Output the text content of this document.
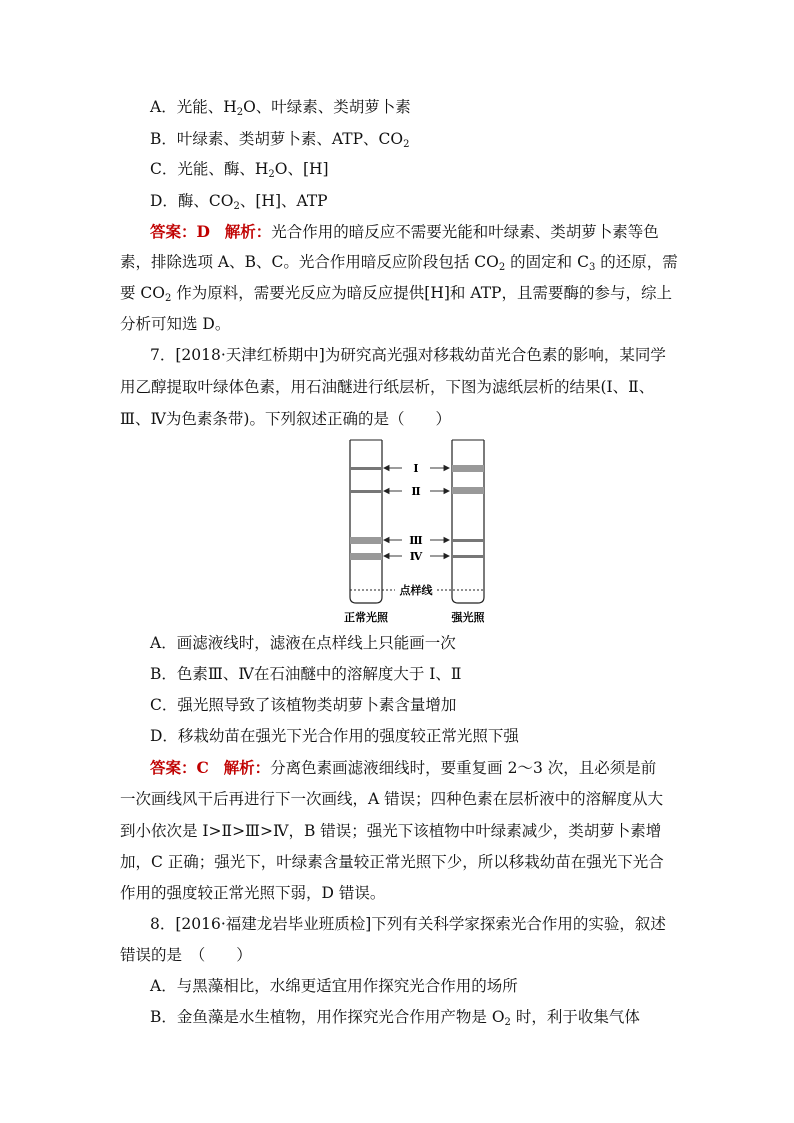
A．光能、$H_2O$、叶绿素、类胡萝卜素
B．叶绿素、类胡萝卜素、ATP、$CO_2$
C．光能、酶、$H_2O$、[H]
D．酶、$CO_2$、[H]、ATP
答案：D 解析：光合作用的暗反应不需要光能和叶绿素、类胡萝卜素等色
素，排除选项 A、B、C。光合作用暗反应阶段包括 $CO_2$ 的固定和 $C_3$ 的还原，需
要 $CO_2$ 作为原料，需要光反应为暗反应提供[H]和 ATP，且需要酶的参与，综上
分析可知选 D。
7．[2018·天津红桥期中]为研究高光强对移栽幼苗光合色素的影响，某同学
用乙醇提取叶绿体色素，用石油醚进行纸层析，下图为滤纸层析的结果(Ⅰ、Ⅱ、
Ⅲ、Ⅳ为色素条带)。下列叙述正确的是（　　）
Ⅰ
Ⅱ
Ⅲ
Ⅳ
点样线
正常光照	强光照
A．画滤液线时，滤液在点样线上只能画一次
B．色素Ⅲ、Ⅳ在石油醚中的溶解度大于 Ⅰ、Ⅱ
C．强光照导致了该植物类胡萝卜素含量增加
D．移栽幼苗在强光下光合作用的强度较正常光照下强
答案：C 解析：分离色素画滤液细线时，要重复画 2～3 次，且必须是前
一次画线风干后再进行下一次画线，A 错误；四种色素在层析液中的溶解度从大
到小依次是 Ⅰ>Ⅱ>Ⅲ>Ⅳ，B 错误；强光下该植物中叶绿素减少，类胡萝卜素增
加，C 正确；强光下，叶绿素含量较正常光照下少，所以移栽幼苗在强光下光合
作用的强度较正常光照下弱，D 错误。
8．[2016·福建龙岩毕业班质检]下列有关科学家探索光合作用的实验，叙述
错误的是　（　　）
A．与黑藻相比，水绵更适宜用作探究光合作用的场所
B．金鱼藻是水生植物，用作探究光合作用产物是 $O_2$ 时，利于收集气体
